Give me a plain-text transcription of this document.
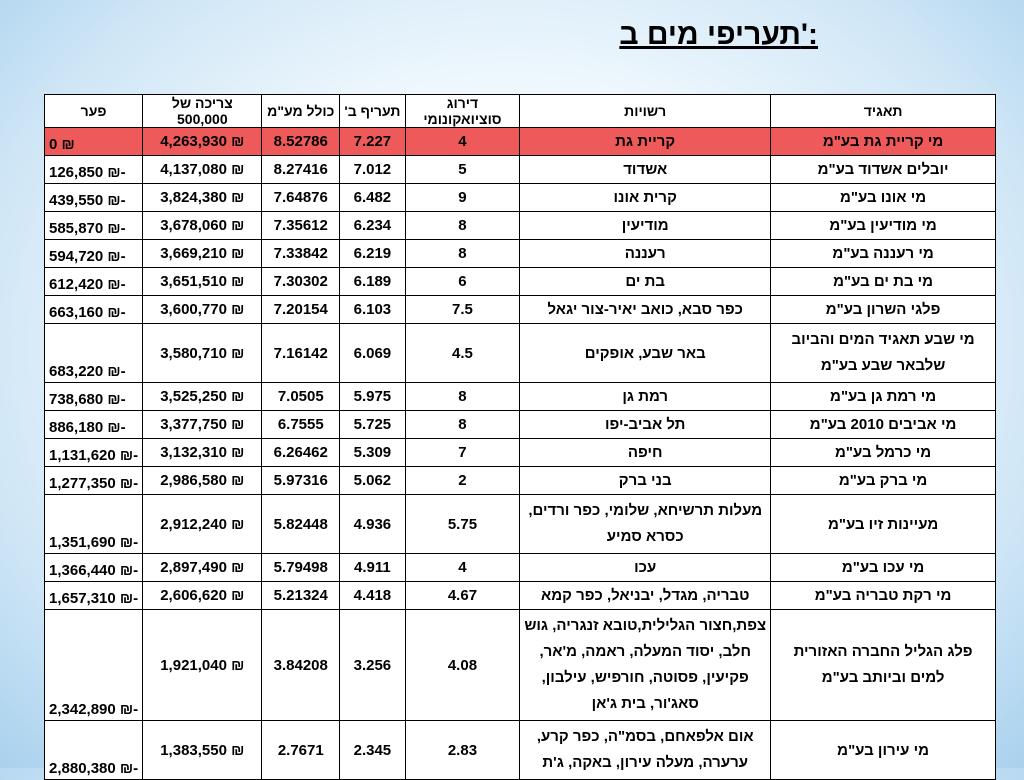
תעריפי מים ב':
תאגיד	רשויות	דירוג סוציואקונומי	תעריף ב'	כולל מע"מ	צריכה של 500,000	פער
מי קריית גת בע"מ	קריית גת	4	7.227	8.52786	₪ 4,263,930	₪ 0
יובלים אשדוד בע"מ	אשדוד	5	7.012	8.27416	₪ 4,137,080	-₪ 126,850
מי אונו בע"מ	קרית אונו	9	6.482	7.64876	₪ 3,824,380	-₪ 439,550
מי מודיעין בע"מ	מודיעין	8	6.234	7.35612	₪ 3,678,060	-₪ 585,870
מי רעננה בע"מ	רעננה	8	6.219	7.33842	₪ 3,669,210	-₪ 594,720
מי בת ים בע"מ	בת ים	6	6.189	7.30302	₪ 3,651,510	-₪ 612,420
פלגי השרון בע"מ	כפר סבא, כואב יאיר-צור יגאל	7.5	6.103	7.20154	₪ 3,600,770	-₪ 663,160
מי שבע תאגיד המים והביוב שלבאר שבע בע"מ	באר שבע, אופקים	4.5	6.069	7.16142	₪ 3,580,710	-₪ 683,220
מי רמת גן בע"מ	רמת גן	8	5.975	7.0505	₪ 3,525,250	-₪ 738,680
מי אביבים 2010 בע"מ	תל אביב-יפו	8	5.725	6.7555	₪ 3,377,750	-₪ 886,180
מי כרמל בע"מ	חיפה	7	5.309	6.26462	₪ 3,132,310	-₪ 1,131,620
מי ברק בע"מ	בני ברק	2	5.062	5.97316	₪ 2,986,580	-₪ 1,277,350
מעיינות זיו בע"מ	מעלות תרשיחא, שלומי, כפר ורדים, כסרא סמיע	5.75	4.936	5.82448	₪ 2,912,240	-₪ 1,351,690
מי עכו בע"מ	עכו	4	4.911	5.79498	₪ 2,897,490	-₪ 1,366,440
מי רקת טבריה בע"מ	טבריה, מגדל, יבניאל, כפר קמא	4.67	4.418	5.21324	₪ 2,606,620	-₪ 1,657,310
פלג הגליל החברה האזורית למים וביותב בע"מ	צפת,חצור הגלילית,טובא זנגריה, גוש חלב, יסוד המעלה, ראמה, מ'אר, פקיעין, פסוטה, חורפיש, עילבון, סאג'ור, בית ג'אן	4.08	3.256	3.84208	₪ 1,921,040	-₪ 2,342,890
מי עירון בע"מ	אום אלפאחם, בסמ"ה, כפר קרע, ערערה, מעלה עירון, באקה, ג'ת	2.83	2.345	2.7671	₪ 1,383,550	-₪ 2,880,380
